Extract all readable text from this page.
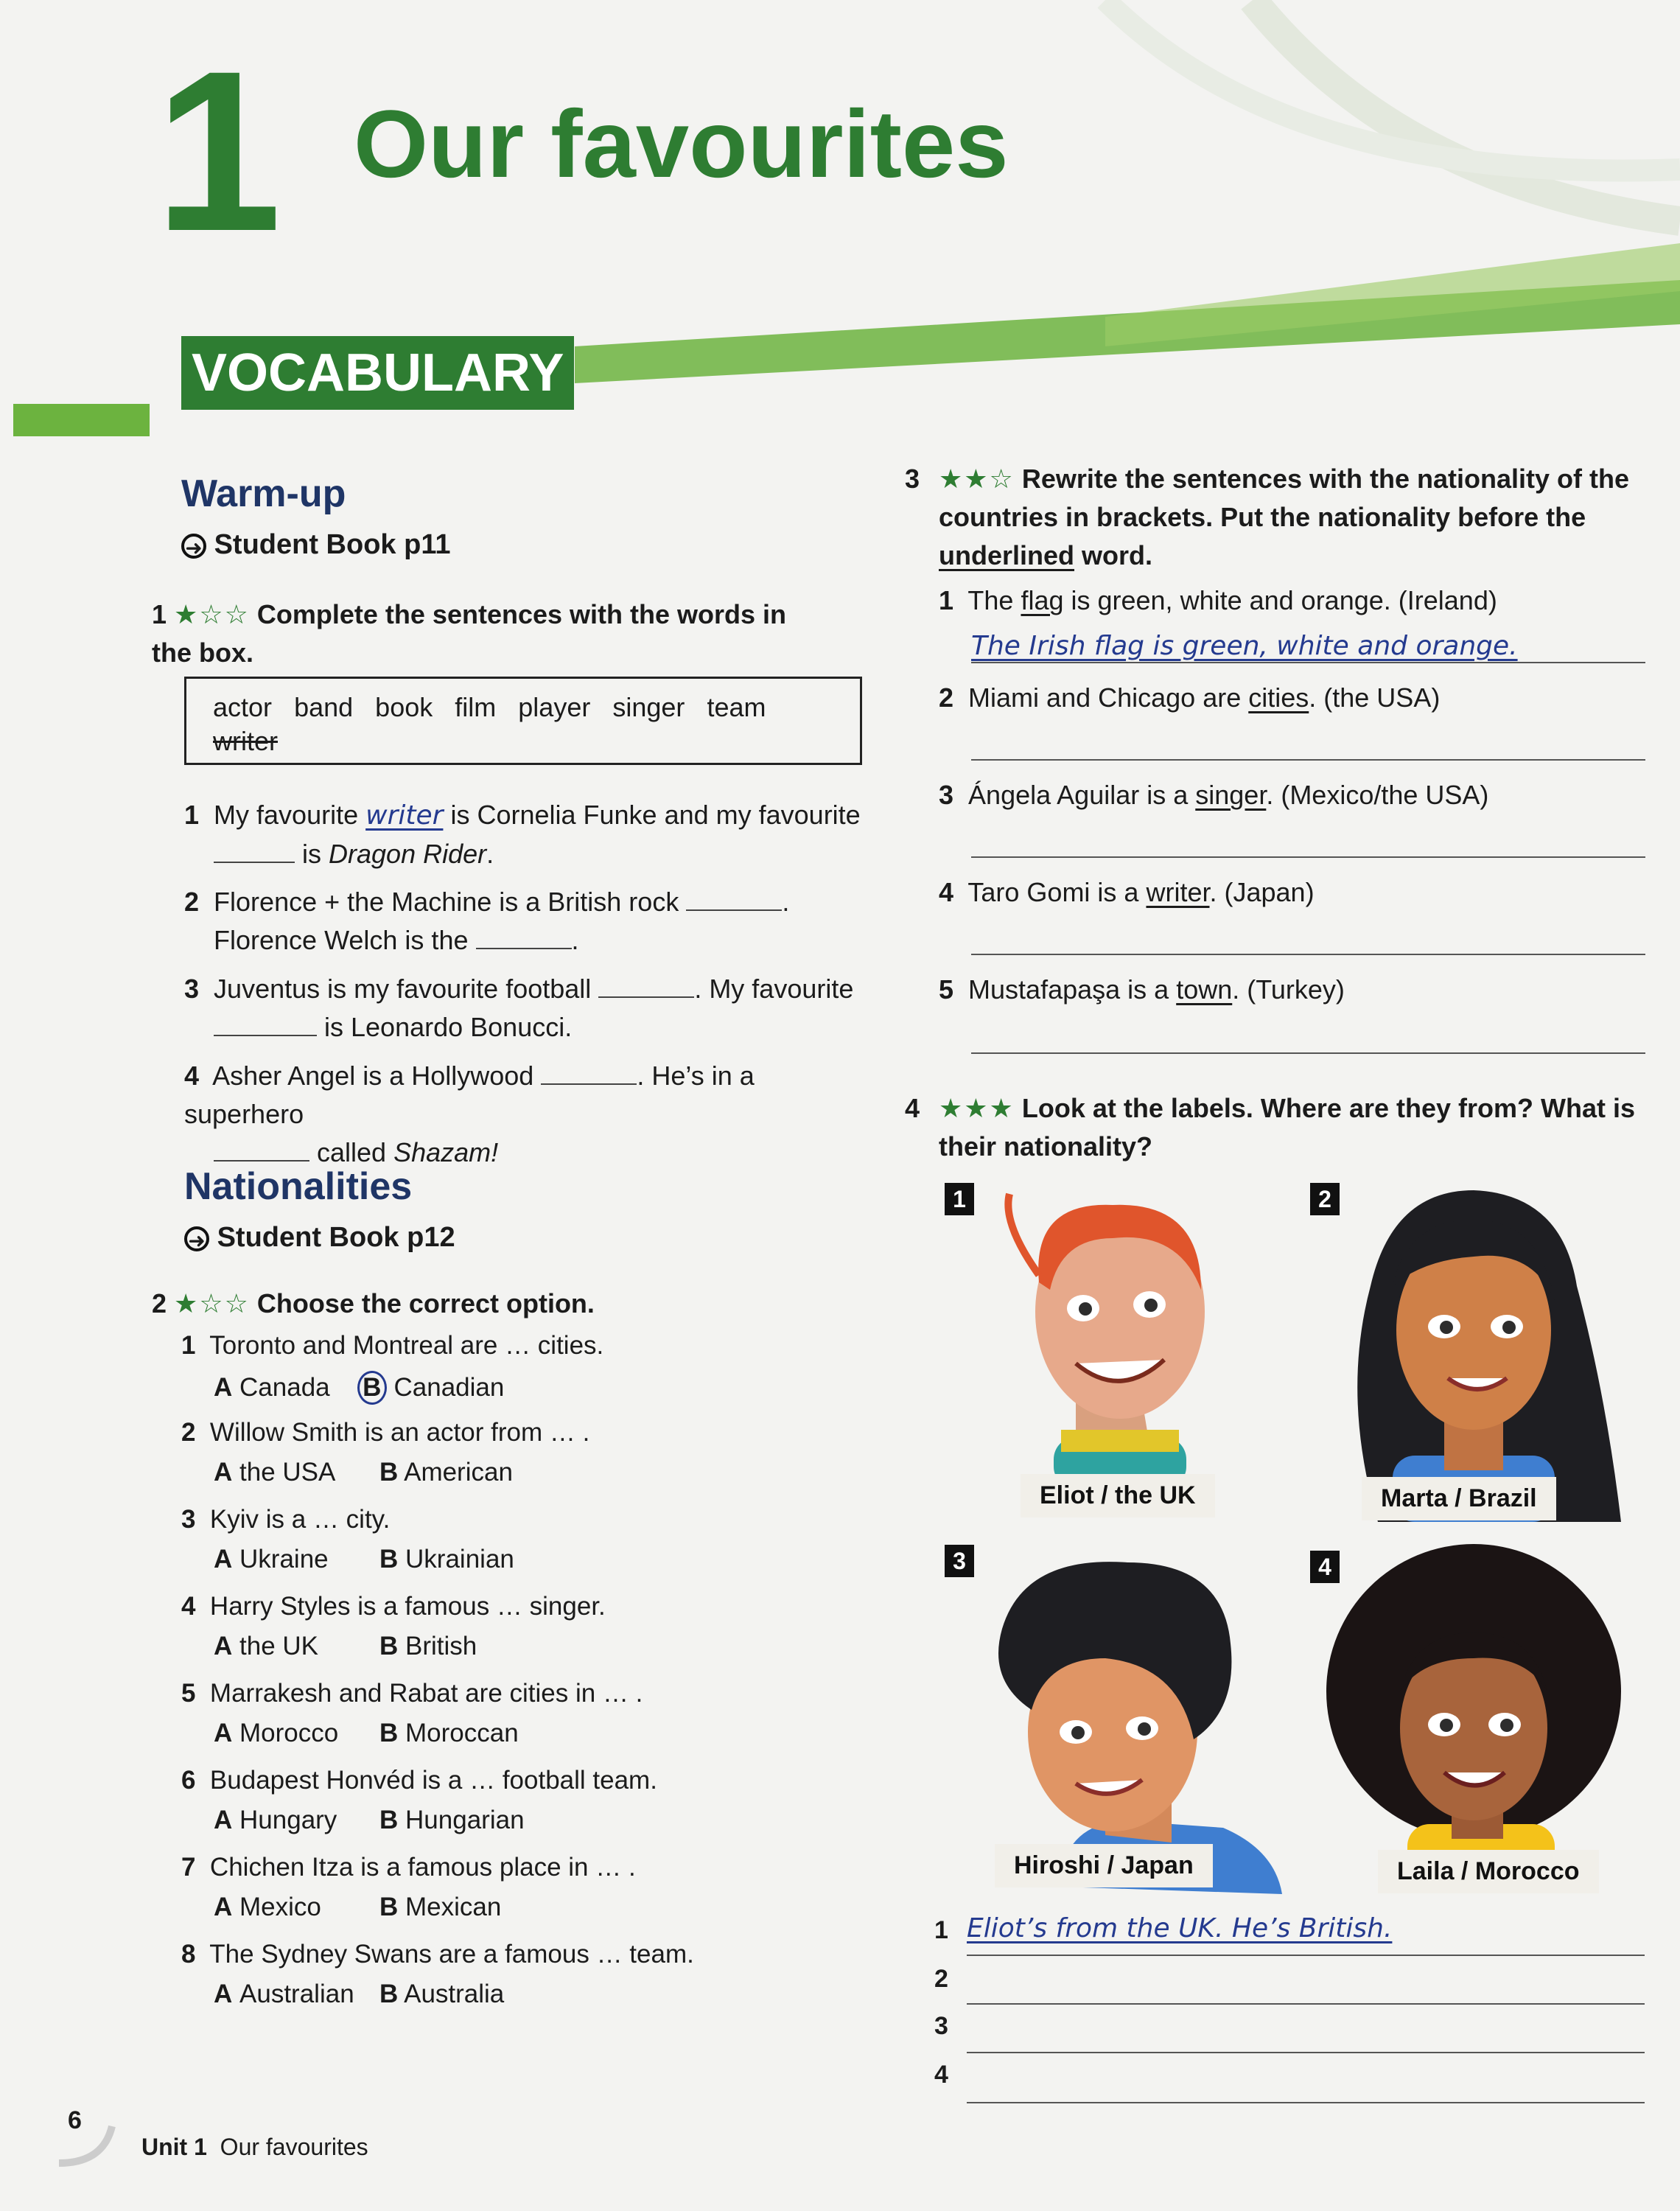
1 Our favourites
VOCABULARY
Warm-up
➜ Student Book p11
1 ★☆☆ Complete the sentences with the words in the box.
actor band book film player singer team
writer
1 My favourite writer is Cornelia Funke and my favourite
is Dragon Rider.
2 Florence + the Machine is a British rock	.
Florence Welch is the	.
3 Juventus is my favourite football	. My favourite
is Leonardo Bonucci.
4 Asher Angel is a Hollywood	. He’s in a superhero
called Shazam!
Nationalities
➜ Student Book p12
2 ★☆☆ Choose the correct option.
1 Toronto and Montreal are … cities.
A Canada B Canadian
2 Willow Smith is an actor from … .
A the USA B American
3 Kyiv is a … city.
A Ukraine B Ukrainian
4 Harry Styles is a famous … singer.
A the UK B British
5 Marrakesh and Rabat are cities in … .
A Morocco B Moroccan
6 Budapest Honvéd is a … football team.
A Hungary B Hungarian
7 Chichen Itza is a famous place in … .
A Mexico B Mexican
8 The Sydney Swans are a famous … team.
A Australian B Australia
3 ★★☆ Rewrite the sentences with the nationality of the countries in brackets. Put the nationality before the underlined word.
1 The flag is green, white and orange. (Ireland)
The Irish flag is green, white and orange.
2 Miami and Chicago are cities. (the USA)
3 Ángela Aguilar is a singer. (Mexico/the USA)
4 Taro Gomi is a writer. (Japan)
5 Mustafapaşa is a town. (Turkey)
4 ★★★ Look at the labels. Where are they from? What is their nationality?
1
Eliot / the UK
2
Marta / Brazil
3
Hiroshi / Japan
4
Laila / Morocco
1 Eliot’s from the UK. He’s British.
2
3
4
6
Unit 1 Our favourites
